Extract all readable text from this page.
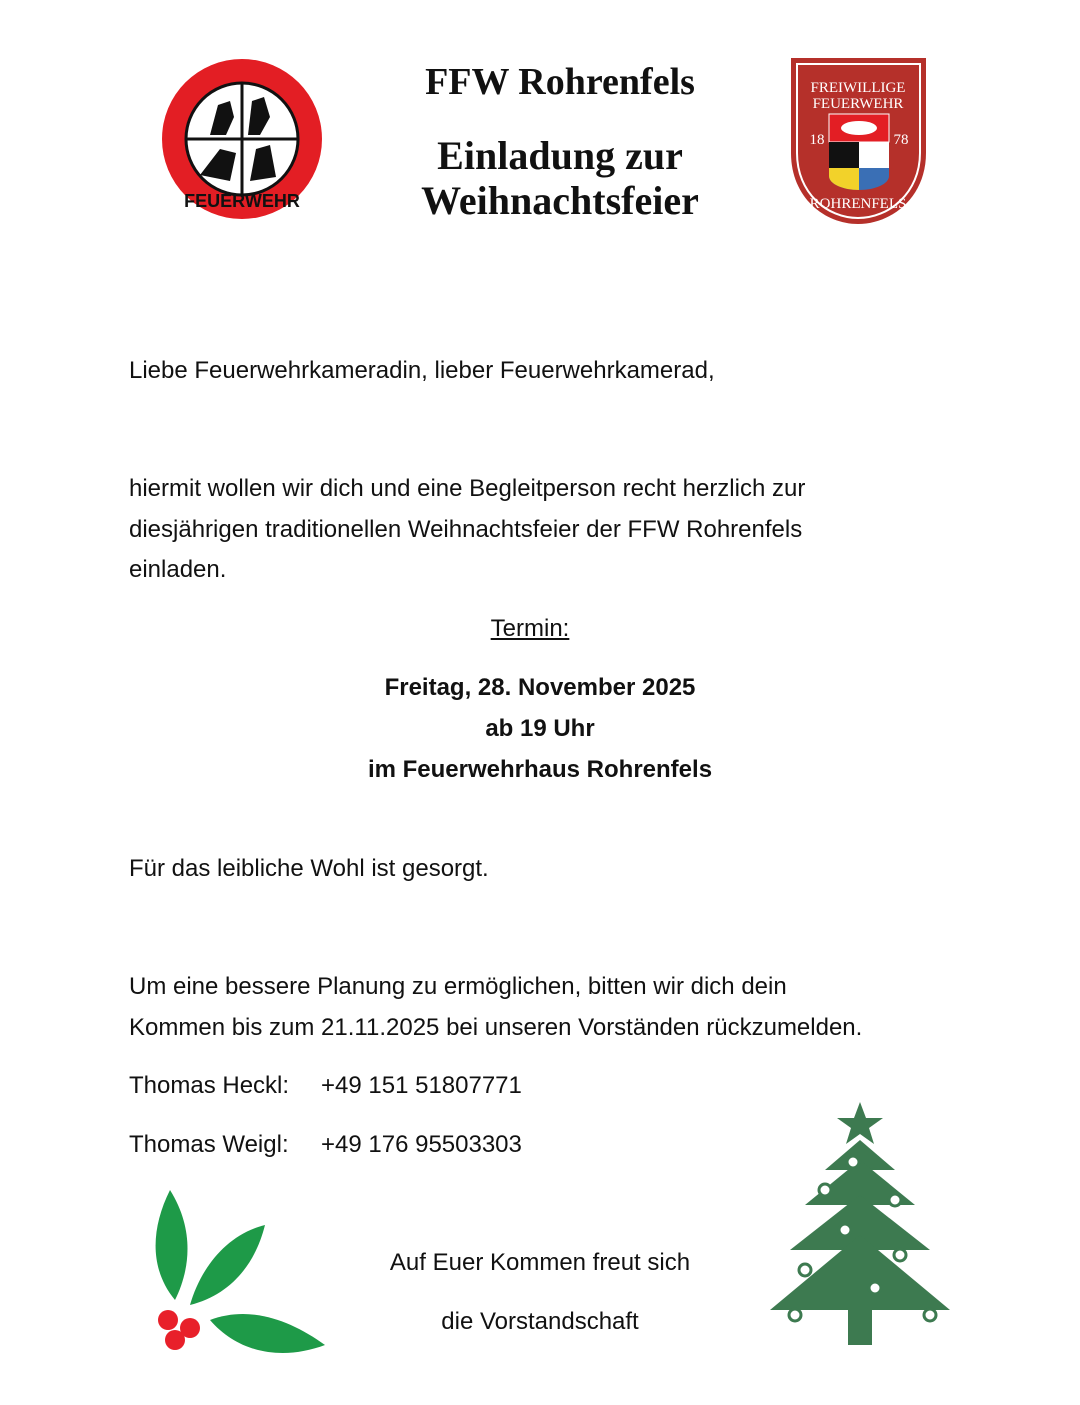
FEUERWEHR
FFW Rohrenfels
Einladung zur
Weihnachtsfeier
FREIWILLIGE
FEUERWEHR
18	78
ROHRENFELS
Liebe Feuerwehrkameradin, lieber Feuerwehrkamerad,
hiermit wollen wir dich und eine Begleitperson recht herzlich zur
diesjährigen traditionellen Weihnachtsfeier der FFW Rohrenfels
einladen.
Termin:
Freitag, 28. November 2025
ab 19 Uhr
im Feuerwehrhaus Rohrenfels
Für das leibliche Wohl ist gesorgt.
Um eine bessere Planung zu ermöglichen, bitten wir dich dein
Kommen bis zum 21.11.2025 bei unseren Vorständen rückzumelden.
Thomas Heckl: +49 151 51807771
Thomas Weigl: +49 176 95503303
Auf Euer Kommen freut sich
die Vorstandschaft
